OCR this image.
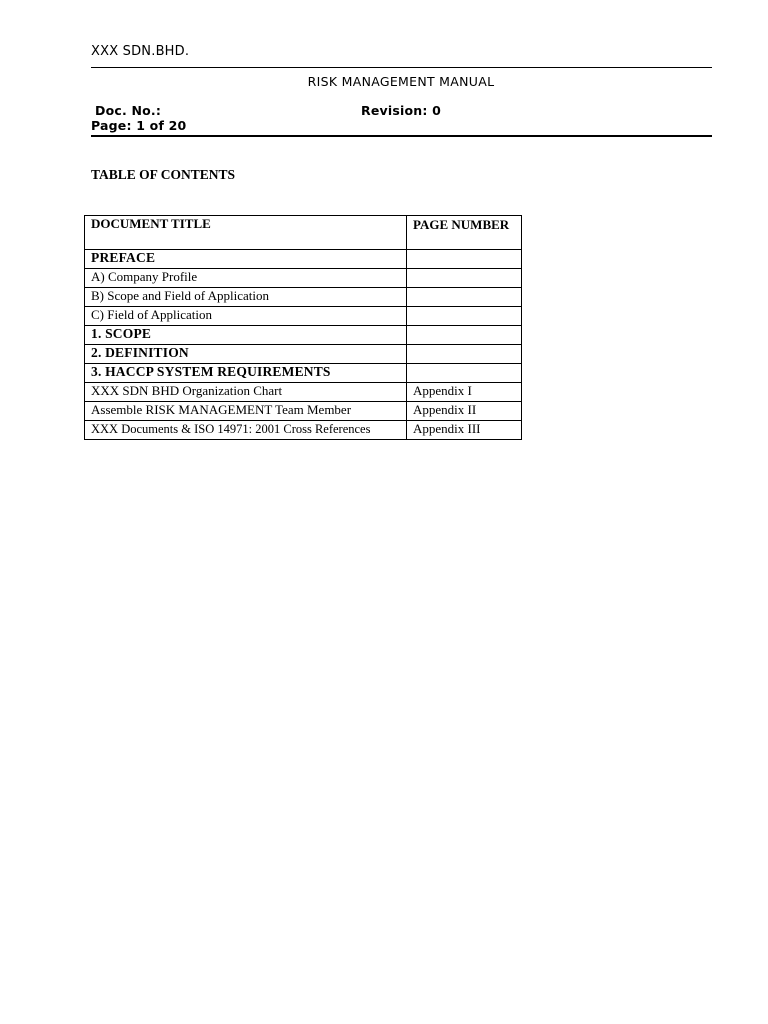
XXX SDN.BHD.
RISK MANAGEMENT MANUAL
Doc. No.:	Revision: 0
Page: 1 of 20
TABLE OF CONTENTS
DOCUMENT TITLE	PAGE NUMBER
PREFACE	
A) Company Profile	
B) Scope and Field of Application	
C) Field of Application	
1. SCOPE	
2. DEFINITION	
3. HACCP SYSTEM REQUIREMENTS	
XXX SDN BHD Organization Chart	Appendix I
Assemble RISK MANAGEMENT Team Member	Appendix II
XXX Documents & ISO 14971: 2001 Cross References	Appendix III
